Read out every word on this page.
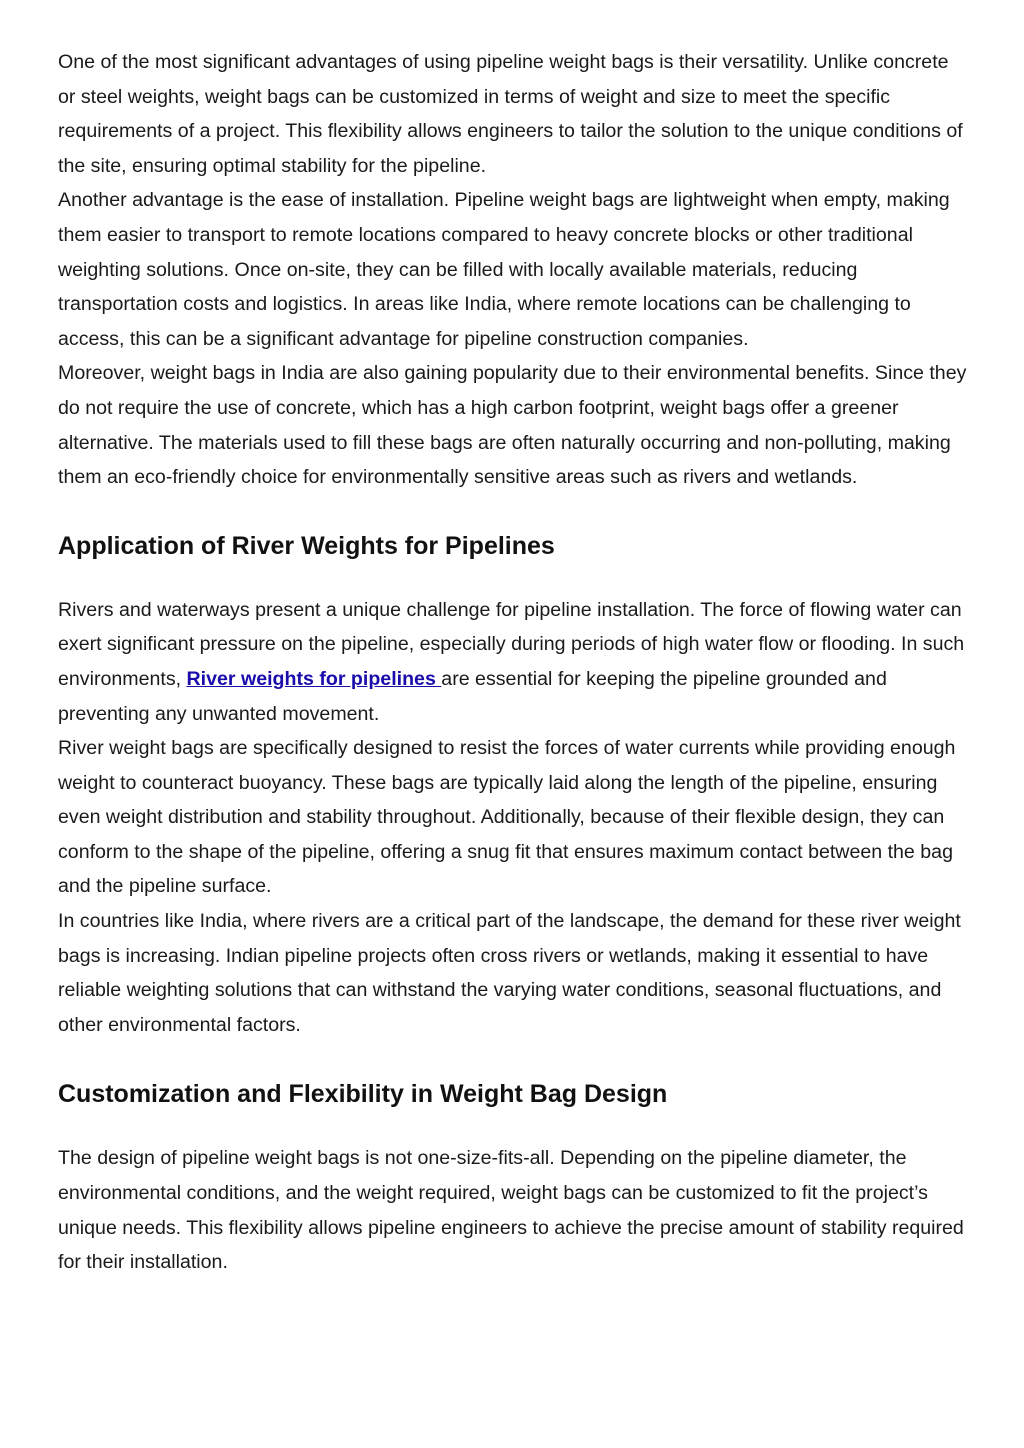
One of the most significant advantages of using pipeline weight bags is their versatility. Unlike concrete or steel weights, weight bags can be customized in terms of weight and size to meet the specific requirements of a project. This flexibility allows engineers to tailor the solution to the unique conditions of the site, ensuring optimal stability for the pipeline.

Another advantage is the ease of installation. Pipeline weight bags are lightweight when empty, making them easier to transport to remote locations compared to heavy concrete blocks or other traditional weighting solutions. Once on-site, they can be filled with locally available materials, reducing transportation costs and logistics. In areas like India, where remote locations can be challenging to access, this can be a significant advantage for pipeline construction companies.

Moreover, weight bags in India are also gaining popularity due to their environmental benefits. Since they do not require the use of concrete, which has a high carbon footprint, weight bags offer a greener alternative. The materials used to fill these bags are often naturally occurring and non-polluting, making them an eco-friendly choice for environmentally sensitive areas such as rivers and wetlands.

Application of River Weights for Pipelines

Rivers and waterways present a unique challenge for pipeline installation. The force of flowing water can exert significant pressure on the pipeline, especially during periods of high water flow or flooding. In such environments, River weights for pipelines are essential for keeping the pipeline grounded and preventing any unwanted movement.

River weight bags are specifically designed to resist the forces of water currents while providing enough weight to counteract buoyancy. These bags are typically laid along the length of the pipeline, ensuring even weight distribution and stability throughout. Additionally, because of their flexible design, they can conform to the shape of the pipeline, offering a snug fit that ensures maximum contact between the bag and the pipeline surface.

In countries like India, where rivers are a critical part of the landscape, the demand for these river weight bags is increasing. Indian pipeline projects often cross rivers or wetlands, making it essential to have reliable weighting solutions that can withstand the varying water conditions, seasonal fluctuations, and other environmental factors.

Customization and Flexibility in Weight Bag Design

The design of pipeline weight bags is not one-size-fits-all. Depending on the pipeline diameter, the environmental conditions, and the weight required, weight bags can be customized to fit the project’s unique needs. This flexibility allows pipeline engineers to achieve the precise amount of stability required for their installation.
